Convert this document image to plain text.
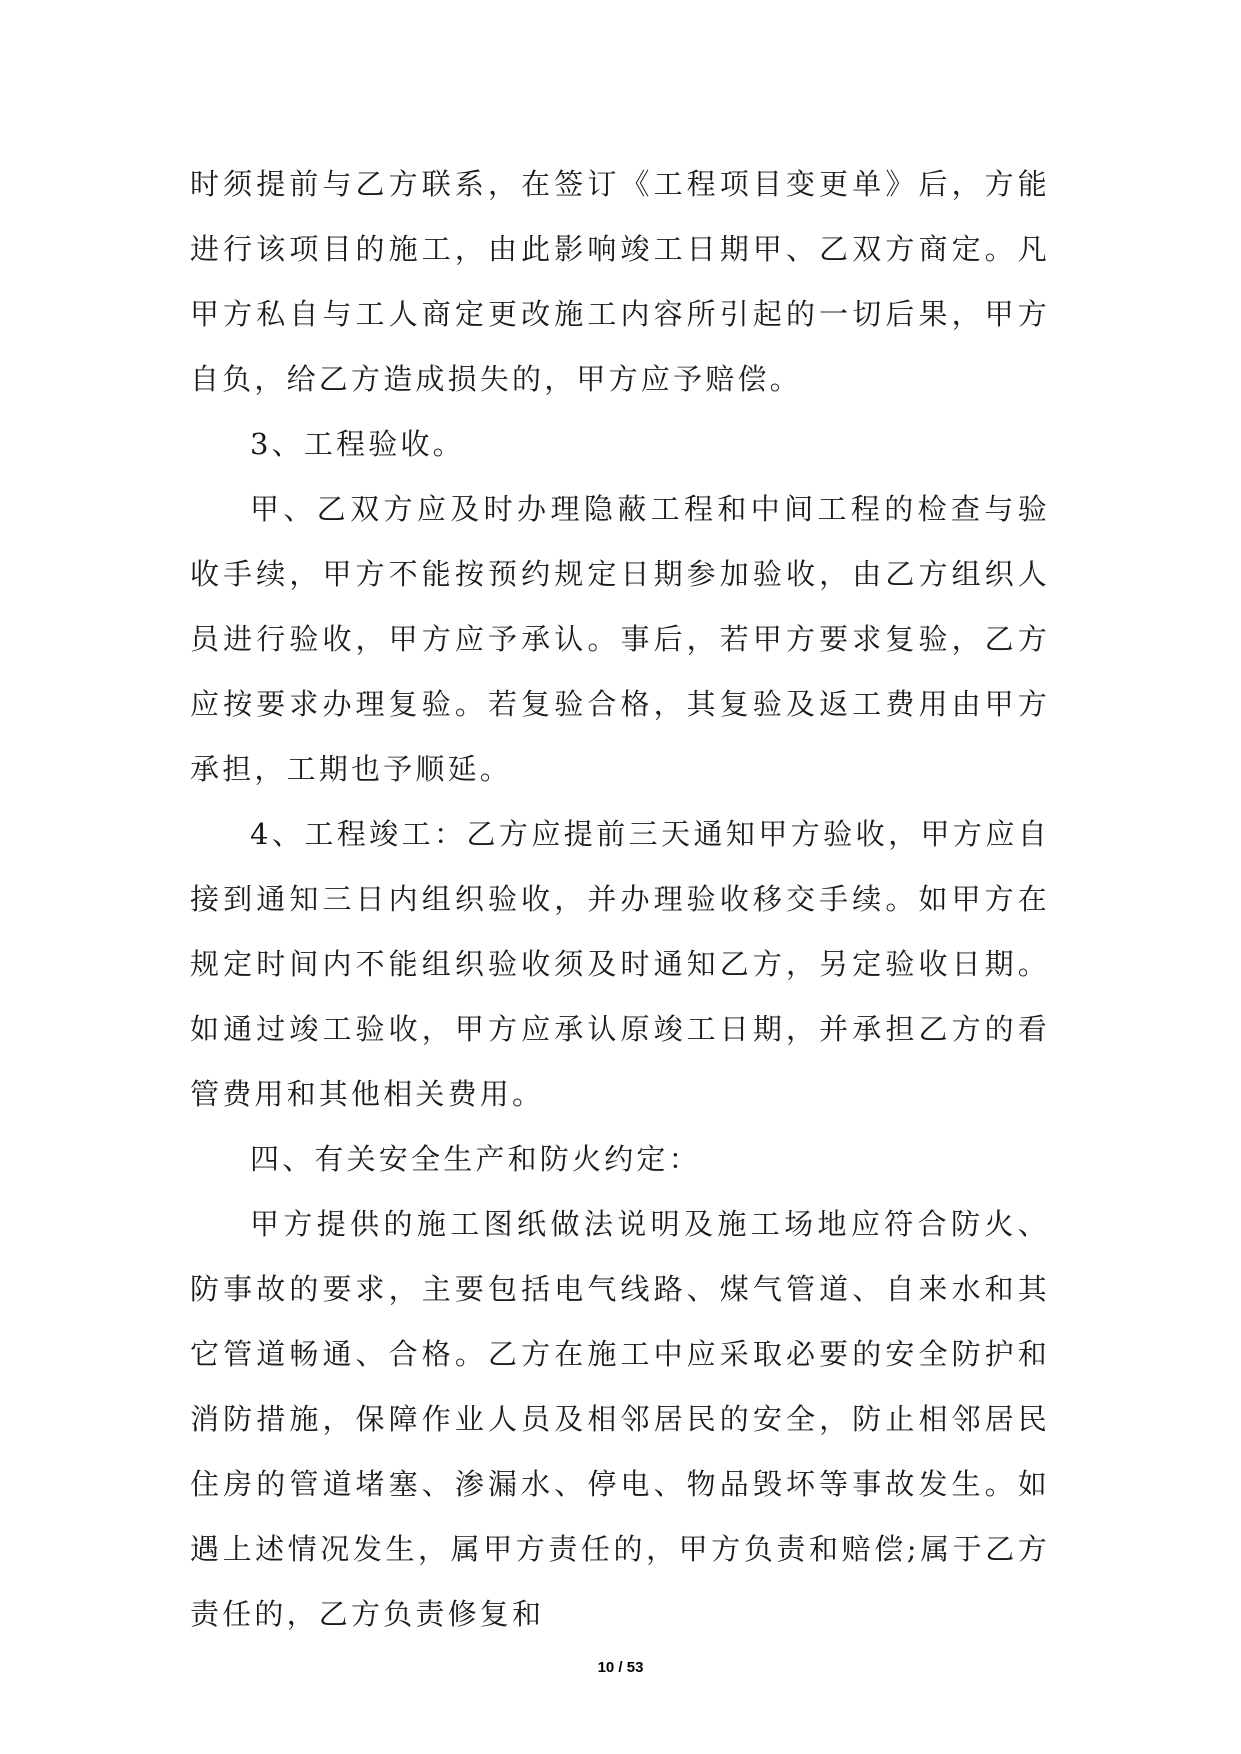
时须提前与乙方联系，在签订《工程项目变更单》后，方能进行该项目的施工，由此影响竣工日期甲、乙双方商定。凡甲方私自与工人商定更改施工内容所引起的一切后果，甲方自负，给乙方造成损失的，甲方应予赔偿。

3、工程验收。

甲、乙双方应及时办理隐蔽工程和中间工程的检查与验收手续，甲方不能按预约规定日期参加验收，由乙方组织人员进行验收，甲方应予承认。事后，若甲方要求复验，乙方应按要求办理复验。若复验合格，其复验及返工费用由甲方承担，工期也予顺延。

4、工程竣工：乙方应提前三天通知甲方验收，甲方应自接到通知三日内组织验收，并办理验收移交手续。如甲方在规定时间内不能组织验收须及时通知乙方，另定验收日期。如通过竣工验收，甲方应承认原竣工日期，并承担乙方的看管费用和其他相关费用。

四、有关安全生产和防火约定：

甲方提供的施工图纸做法说明及施工场地应符合防火、防事故的要求，主要包括电气线路、煤气管道、自来水和其它管道畅通、合格。乙方在施工中应采取必要的安全防护和消防措施，保障作业人员及相邻居民的安全，防止相邻居民住房的管道堵塞、渗漏水、停电、物品毁坏等事故发生。如遇上述情况发生，属甲方责任的，甲方负责和赔偿;属于乙方责任的，乙方负责修复和

10 / 53
